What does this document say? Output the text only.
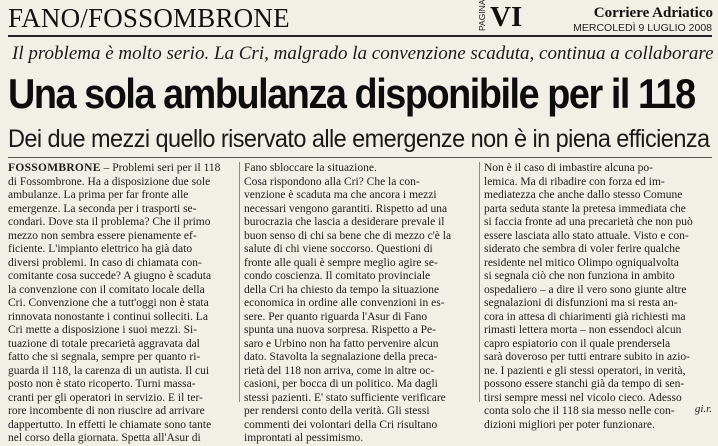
FANO/FOSSOMBRONE	PAGINA VI	Corriere Adriatico
MERCOLEDÌ 9 LUGLIO 2008
Il problema è molto serio. La Cri, malgrado la convenzione scaduta, continua a collaborare
Una sola ambulanza disponibile per il 118
Dei due mezzi quello riservato alle emergenze non è in piena efficienza
FOSSOMBRONE – Problemi seri per il 118
di Fossombrone. Ha a disposizione due sole
ambulanze. La prima per far fronte alle
emergenze. La seconda per i trasporti se-
condari. Dove sta il problema? Che il primo
mezzo non sembra essere pienamente ef-
ficiente. L'impianto elettrico ha già dato
diversi problemi. In caso di chiamata con-
comitante cosa succede? A giugno è scaduta
la convenzione con il comitato locale della
Cri. Convenzione che a tutt'oggi non è stata
rinnovata nonostante i continui solleciti. La
Cri mette a disposizione i suoi mezzi. Si-
tuazione di totale precarietà aggravata dal
fatto che si segnala, sempre per quanto ri-
guarda il 118, la carenza di un autista. Il cui
posto non è stato ricoperto. Turni massa-
cranti per gli operatori in servizio. E il ter-
rore incombente di non riuscire ad arrivare
dappertutto. In effetti le chiamate sono tante
nel corso della giornata. Spetta all'Asur di
Fano sbloccare la situazione.
Cosa rispondono alla Cri? Che la con-
venzione è scaduta ma che ancora i mezzi
necessari vengono garantiti. Rispetto ad una
burocrazia che lascia a desiderare prevale il
buon senso di chi sa bene che di mezzo c'è la
salute di chi viene soccorso. Questioni di
fronte alle quali è sempre meglio agire se-
condo coscienza. Il comitato provinciale
della Cri ha chiesto da tempo la situazione
economica in ordine alle convenzioni in es-
sere. Per quanto riguarda l'Asur di Fano
spunta una nuova sorpresa. Rispetto a Pe-
saro e Urbino non ha fatto pervenire alcun
dato. Stavolta la segnalazione della preca-
rietà del 118 non arriva, come in altre oc-
casioni, per bocca di un politico. Ma dagli
stessi pazienti. E' stato sufficiente verificare
per rendersi conto della verità. Gli stessi
commenti dei volontari della Cri risultano
improntati al pessimismo.
Non è il caso di imbastire alcuna po-
lemica. Ma di ribadire con forza ed im-
mediatezza che anche dallo stesso Comune
parta seduta stante la pretesa immediata che
si faccia fronte ad una precarietà che non può
essere lasciata allo stato attuale. Visto e con-
siderato che sembra di voler ferire qualche
residente nel mitico Olimpo ogniqualvolta
si segnala ciò che non funziona in ambito
ospedaliero – a dire il vero sono giunte altre
segnalazioni di disfunzioni ma si resta an-
cora in attesa di chiarimenti già richiesti ma
rimasti lettera morta – non essendoci alcun
capro espiatorio con il quale prendersela
sarà doveroso per tutti entrare subito in azio-
ne. I pazienti e gli stessi operatori, in verità,
possono essere stanchi già da tempo di sen-
tirsi sempre messi nel vicolo cieco. Adesso
conta solo che il 118 sia messo nelle con-
dizioni migliori per poter funzionare.
gi.r.
